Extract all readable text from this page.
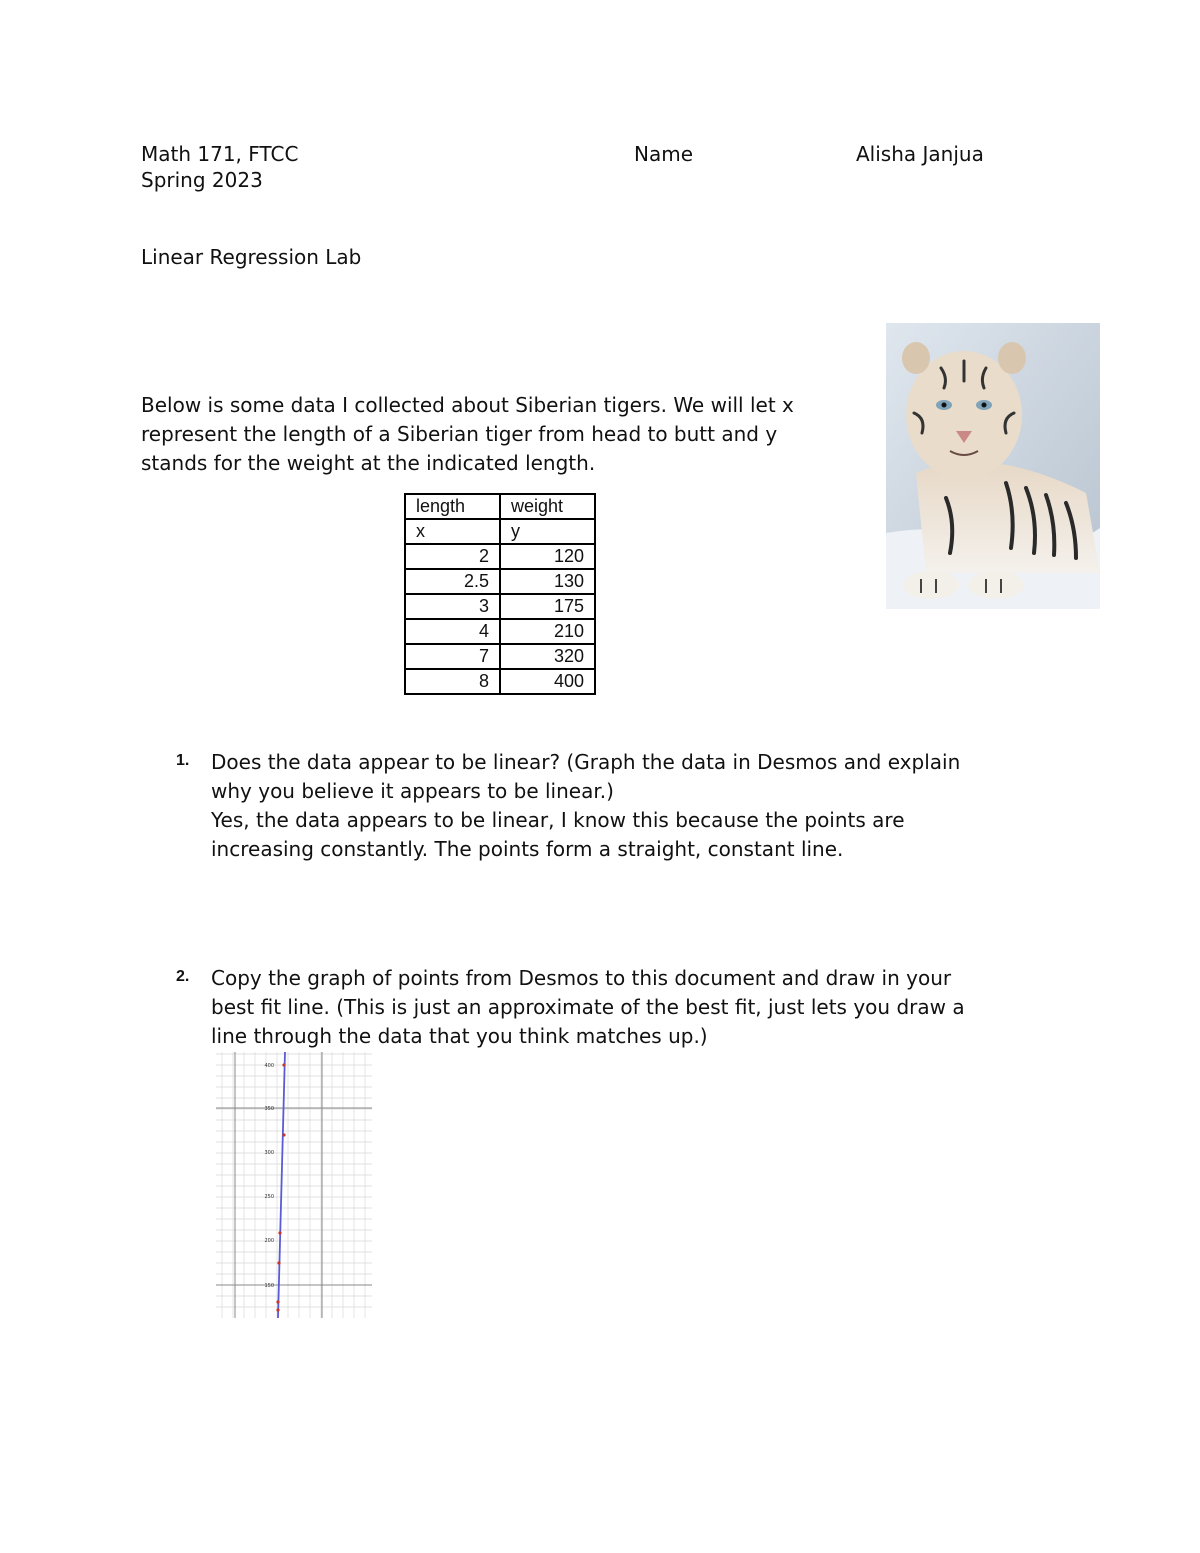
Math 171, FTCC
Spring 2023
Name	Alisha Janjua
Linear Regression Lab

Below is some data I collected about Siberian tigers. We will let x

represent the length of a Siberian tiger from head to butt and y

stands for the weight at the indicated length.

length	weight
x	y
2	120
2.5	130
3	175
4	210
7	320
8	400
1. Does the data appear to be linear? (Graph the data in Desmos and explain

why you believe it appears to be linear.)

Yes, the data appears to be linear, I know this because the points are

increasing constantly. The points form a straight, constant line.

2. Copy the graph of points from Desmos to this document and draw in your

best fit line. (This is just an approximate of the best fit, just lets you draw a

line through the data that you think matches up.)

400
350
300
250
200
150
